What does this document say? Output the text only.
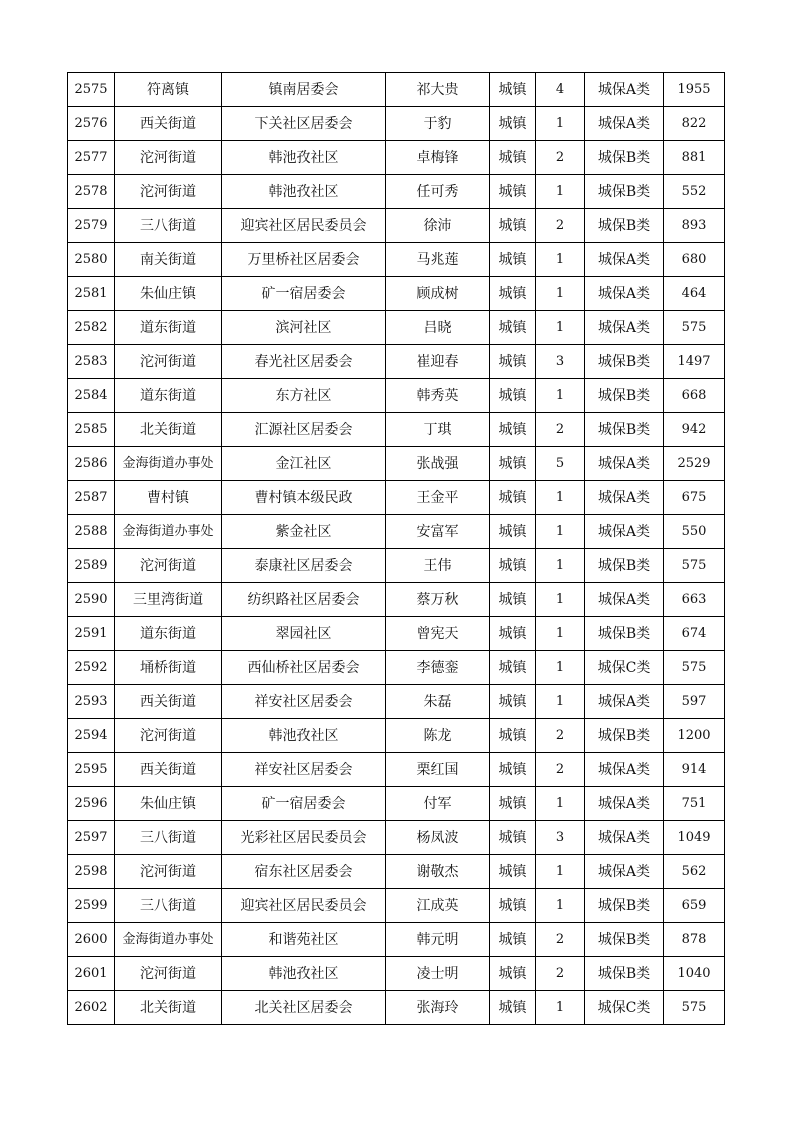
2575	符离镇	镇南居委会	祁大贵	城镇	4	城保A类	1955
2576	西关街道	下关社区居委会	于豹	城镇	1	城保A类	822
2577	沱河街道	韩池孜社区	卓梅锋	城镇	2	城保B类	881
2578	沱河街道	韩池孜社区	任可秀	城镇	1	城保B类	552
2579	三八街道	迎宾社区居民委员会	徐沛	城镇	2	城保B类	893
2580	南关街道	万里桥社区居委会	马兆莲	城镇	1	城保A类	680
2581	朱仙庄镇	矿一宿居委会	顾成树	城镇	1	城保A类	464
2582	道东街道	滨河社区	吕晓	城镇	1	城保A类	575
2583	沱河街道	春光社区居委会	崔迎春	城镇	3	城保B类	1497
2584	道东街道	东方社区	韩秀英	城镇	1	城保B类	668
2585	北关街道	汇源社区居委会	丁琪	城镇	2	城保B类	942
2586	金海街道办事处	金江社区	张战强	城镇	5	城保A类	2529
2587	曹村镇	曹村镇本级民政	王金平	城镇	1	城保A类	675
2588	金海街道办事处	紫金社区	安富军	城镇	1	城保A类	550
2589	沱河街道	泰康社区居委会	王伟	城镇	1	城保B类	575
2590	三里湾街道	纺织路社区居委会	蔡万秋	城镇	1	城保A类	663
2591	道东街道	翠园社区	曾宪天	城镇	1	城保B类	674
2592	埇桥街道	西仙桥社区居委会	李德銮	城镇	1	城保C类	575
2593	西关街道	祥安社区居委会	朱磊	城镇	1	城保A类	597
2594	沱河街道	韩池孜社区	陈龙	城镇	2	城保B类	1200
2595	西关街道	祥安社区居委会	栗红国	城镇	2	城保A类	914
2596	朱仙庄镇	矿一宿居委会	付军	城镇	1	城保A类	751
2597	三八街道	光彩社区居民委员会	杨凤波	城镇	3	城保A类	1049
2598	沱河街道	宿东社区居委会	谢敬杰	城镇	1	城保A类	562
2599	三八街道	迎宾社区居民委员会	江成英	城镇	1	城保B类	659
2600	金海街道办事处	和谐苑社区	韩元明	城镇	2	城保B类	878
2601	沱河街道	韩池孜社区	凌士明	城镇	2	城保B类	1040
2602	北关街道	北关社区居委会	张海玲	城镇	1	城保C类	575
